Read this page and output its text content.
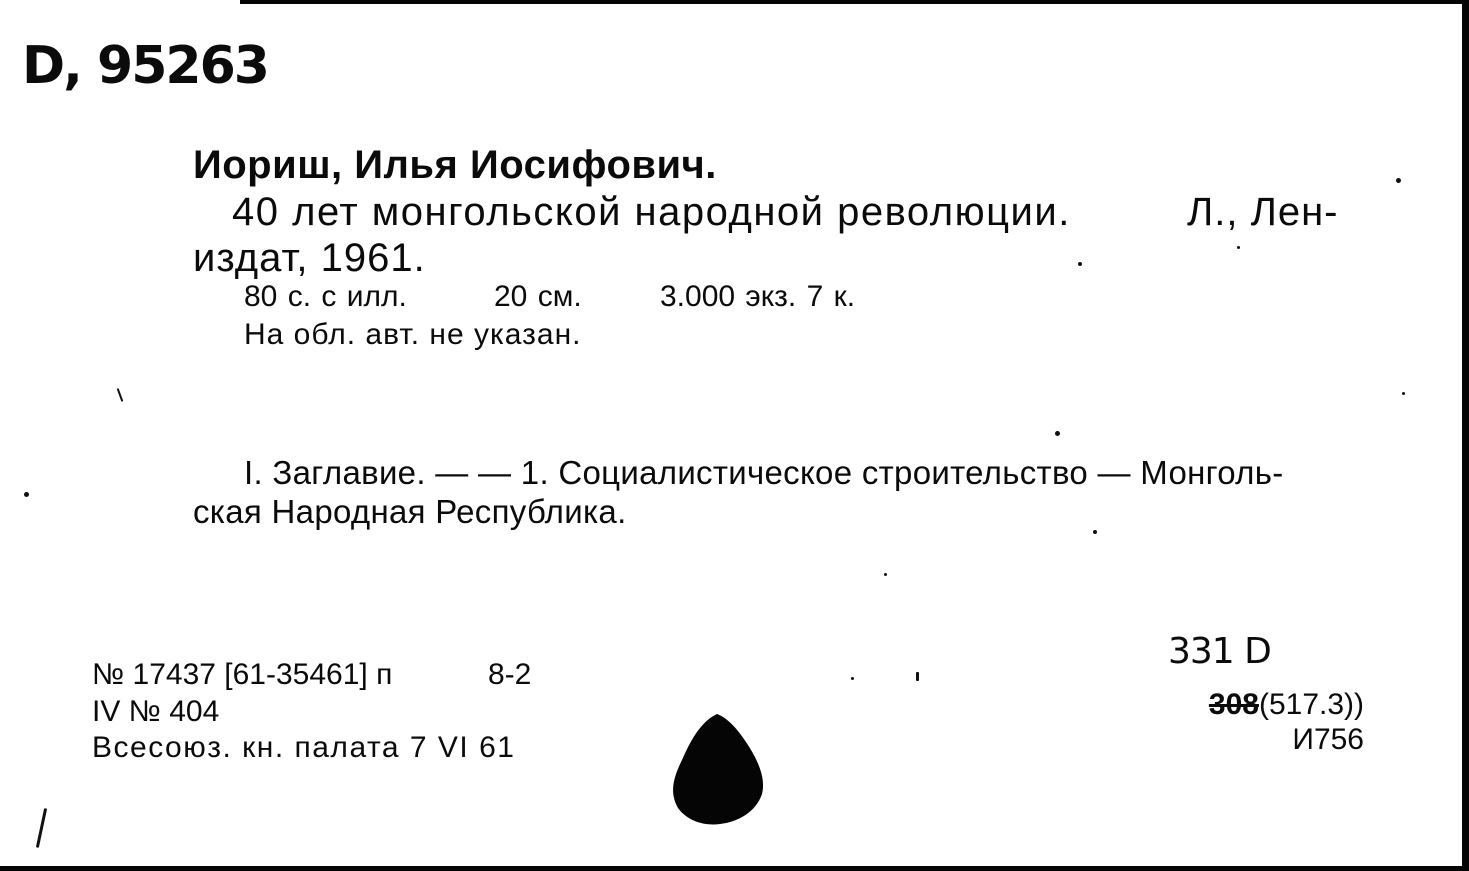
D, 95263
Иориш, Илья Иосифович.
40 лет монгольской народной революции.	Л., Лен-
издат, 1961.
80 с. с илл.	20 см.	3.000 экз. 7 к.
На обл. авт. не указан.
I. Заглавие. — — 1. Социалистическое строительство — Монголь-
ская Народная Республика.
№ 17437 [61-35461] п	8-2
IV № 404
Всесоюз. кн. палата 7 VI 61
331 D
308(517.3))
И756
